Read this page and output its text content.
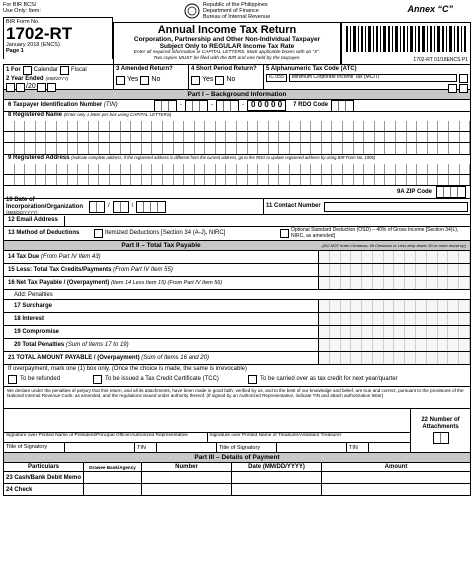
For BIR BCS/
Use Only: Item:
BIR Form No.
1702-RT
January 2018 (ENCS)
Page 1
Republic of the Philippines
Department of Finance
Bureau of Internal Revenue
Annual Income Tax Return
Corporation, Partnership and Other Non-Individual Taxpayer
Subject Only to REGULAR Income Tax Rate
Enter all required information in CAPITAL LETTERS. Mark applicable boxes with an “X”.
Two copies MUST be filed with the BIR and one held by the taxpayer.
Annex “C”
1702-RT 01/18ENCS P1
1 For Calendar Fiscal
2 Year Ended (MM/20YY)
/20
3 Amended Return?
Yes No
4 Short Period Return?
Yes No
5 Alphanumeric Tax Code (ATC)
IC 055	Minimum Corporate Income Tax (MCIT)
Part I – Background Information
6 Taxpayer Identification Number (TIN)	-	-	- 0 0 0 0 0	7 RDO Code
8 Registered Name (Enter only 1 letter per box using CAPITAL LETTERS)
9 Registered Address (Indicate complete address. If the registered address is different from the current address, go to the RDO to update registered address by using BIR Form No. 1905)
9A ZIP Code
10 Date of Incorporation/Organization
(MM/DD/YYYY)
/	/	11 Contact Number
12 Email Address
13 Method of Deductions	Itemized Deductions [Section 34 (A-J), NIRC]
Optional Standard Deduction (OSD) – 40% of Gross Income [Section 34(L), NIRC, as amended]
Part II – Total Tax Payable	(DO NOT enter Centavos; 49 Centavos or Less drop down; 50 or more round up)
14 Tax Due (From Part IV Item 43)
15 Less: Total Tax Credits/Payments (From Part IV Item 55)
16 Net Tax Payable / (Overpayment) (Item 14 Less Item 15) (From Part IV Item 56)
Add: Penalties
17 Surcharge
18 Interest
19 Compromise
20 Total Penalties (Sum of Items 17 to 19)
21 TOTAL AMOUNT PAYABLE / (Overpayment) (Sum of Items 16 and 20)
If overpayment, mark one (1) box only. (Once the choice is made, the same is irrevocable)
To be refunded	To be issued a Tax Credit Certificate (TCC)	To be carried over as tax credit for next year/quarter
We declare under the penalties of perjury that this return, and all its attachments, have been made in good faith, verified by us, and to the best of our knowledge and belief, are true and correct, pursuant to the provisions of the National Internal Revenue Code, as amended, and the regulations issued under authority thereof. (If signed by an Authorized Representative, indicate TIN and attach authorization letter)
Signature over Printed Name of President/Principal Officer/Authorized Representative	Signature over Printed Name of Treasurer/Assistant Treasurer
Title of Signatory	TIN	Title of Signatory	TIN
22 Number of Attachments
Part III – Details of Payment
Particulars	Drawee Bank/Agency	Number	Date (MM/DD/YYYY)	Amount
23 Cash/Bank Debit Memo
24 Check
